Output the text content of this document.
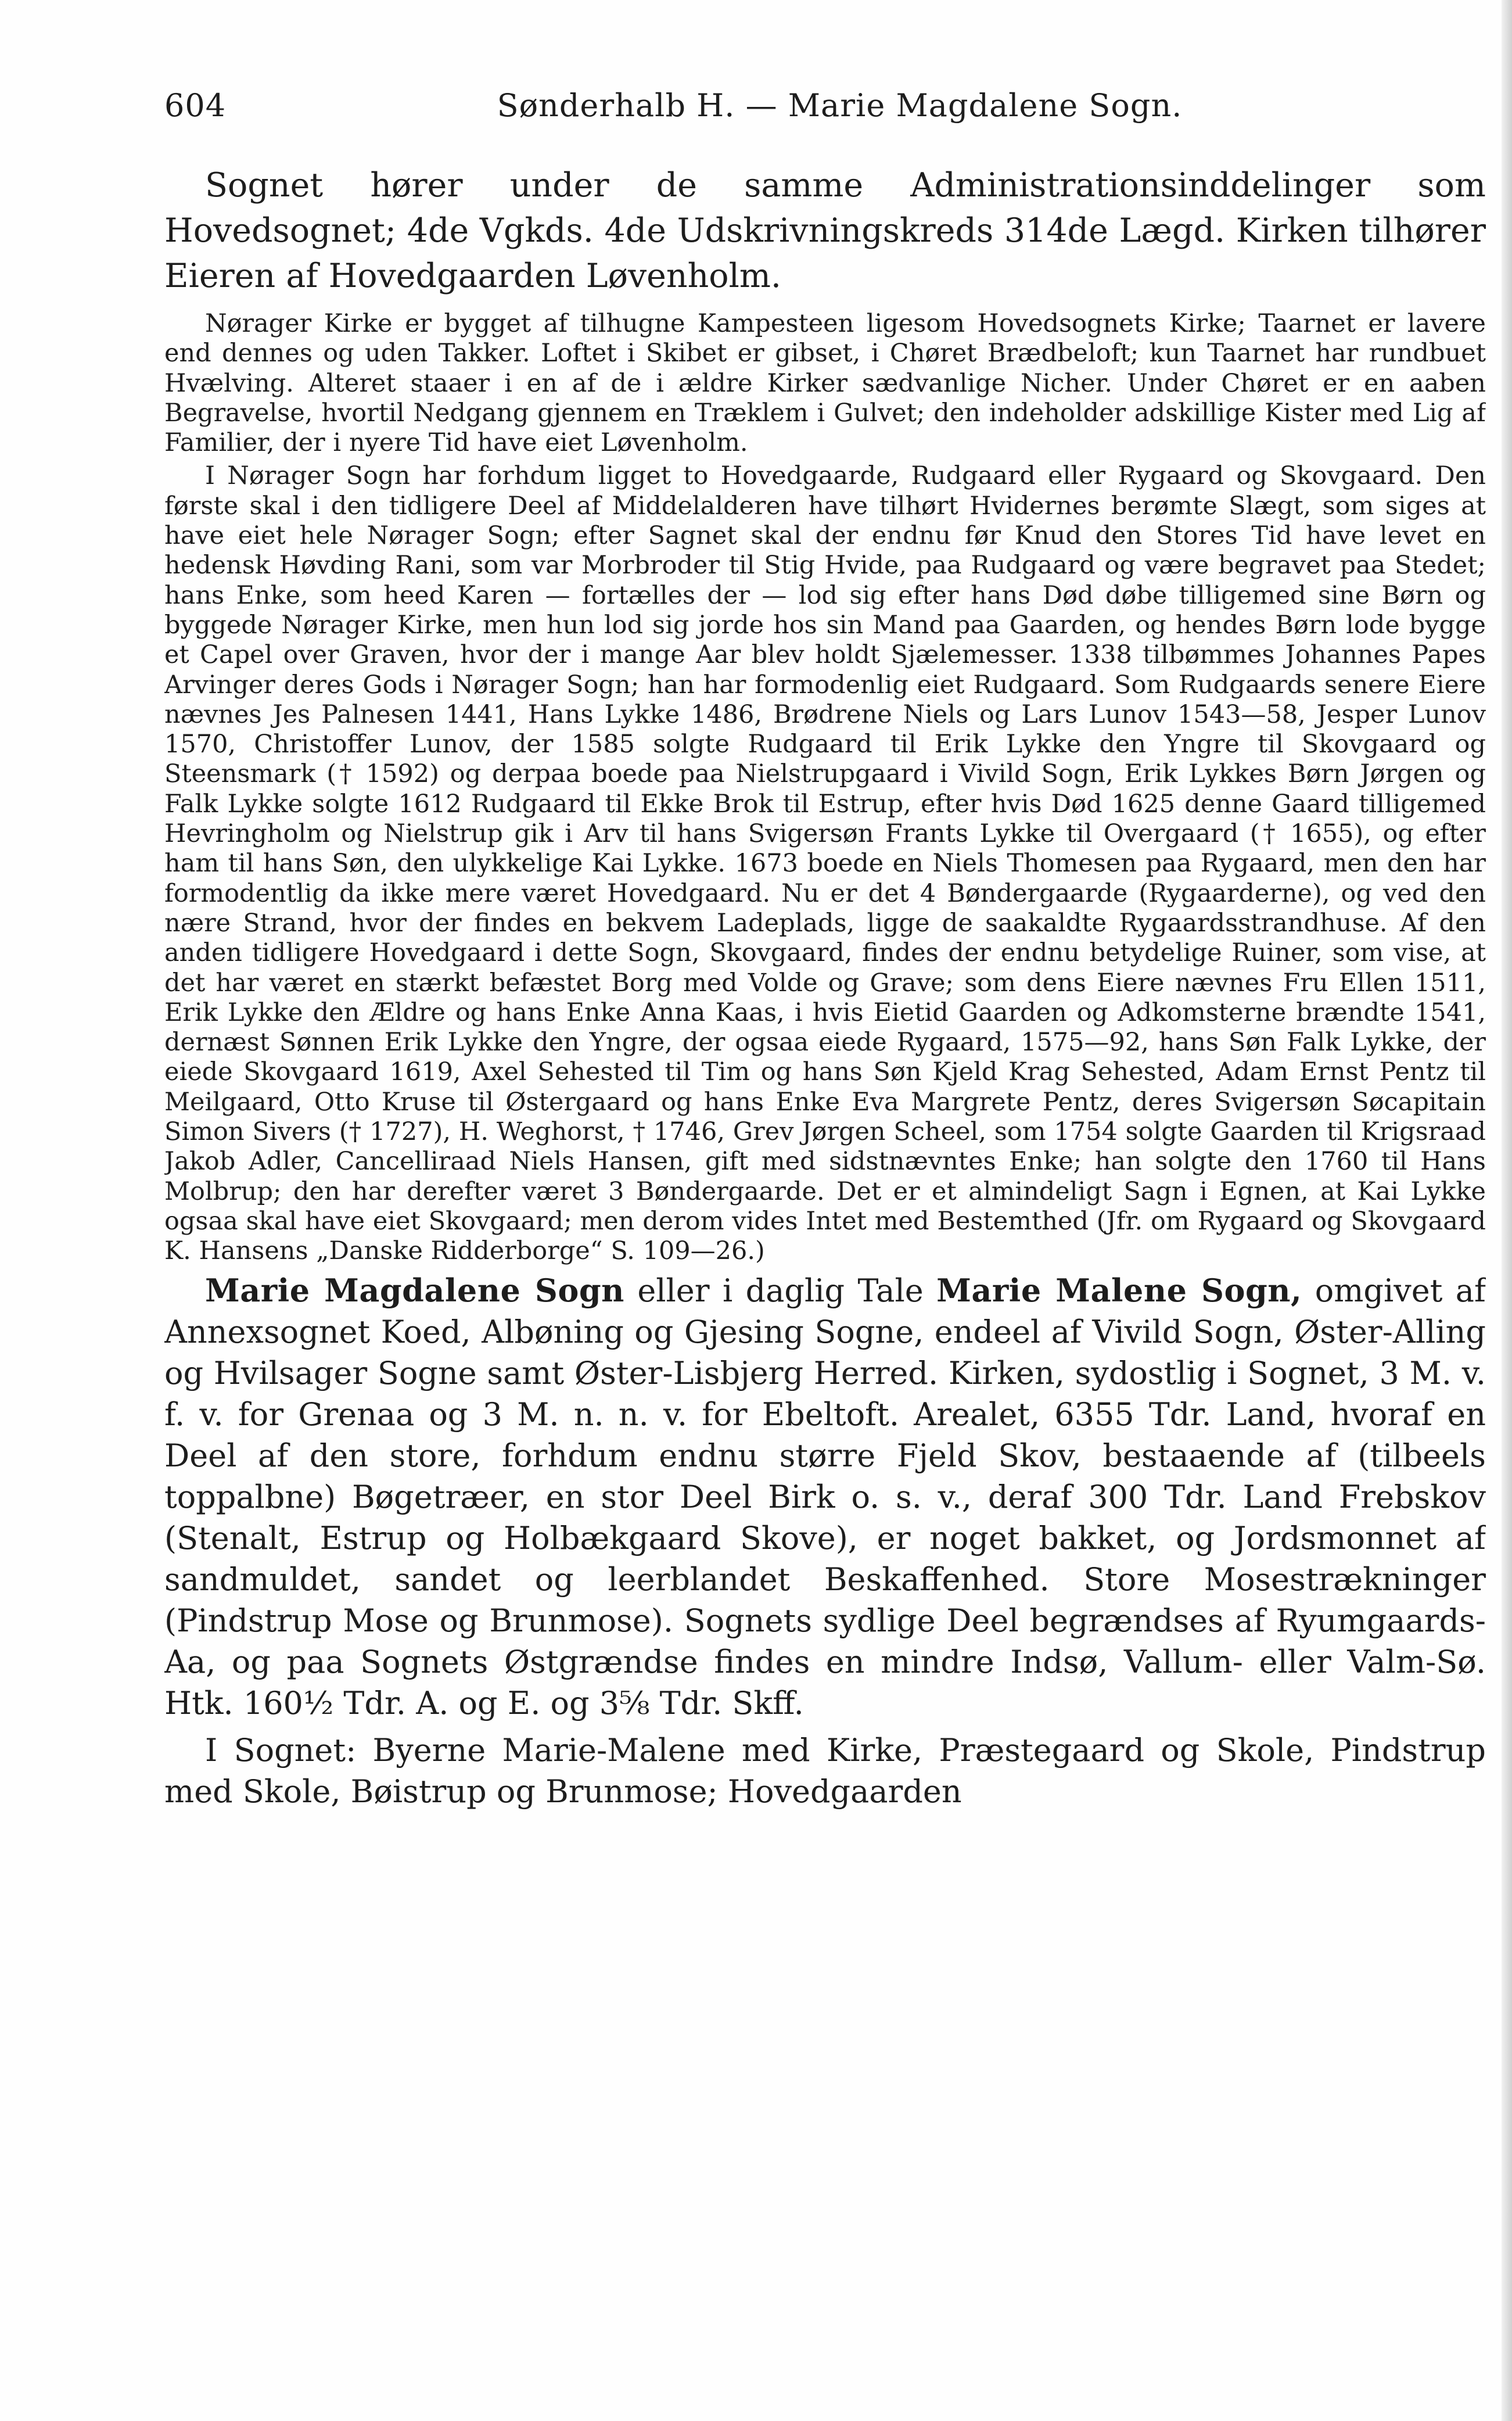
604	Sønderhalb H. — Marie Magdalene Sogn.

Sognet hører under de samme Administrationsinddelinger som Hovedsognet; 4de Vgkds. 4de Udskrivningskreds 314de Lægd. Kirken tilhører Eieren af Hovedgaarden Løvenholm.

Nørager Kirke er bygget af tilhugne Kampesteen ligesom Hovedsognets Kirke; Taarnet er lavere end dennes og uden Takker. Loftet i Skibet er gibset, i Chøret Brædbeloft; kun Taarnet har rundbuet Hvælving. Alteret staaer i en af de i ældre Kirker sædvanlige Nicher. Under Chøret er en aaben Begravelse, hvortil Nedgang gjennem en Træklem i Gulvet; den indeholder adskillige Kister med Lig af Familier, der i nyere Tid have eiet Løvenholm.

I Nørager Sogn har forhdum ligget to Hovedgaarde, Rudgaard eller Rygaard og Skovgaard. Den første skal i den tidligere Deel af Middelalderen have tilhørt Hvidernes berømte Slægt, som siges at have eiet hele Nørager Sogn; efter Sagnet skal der endnu før Knud den Stores Tid have levet en hedensk Høvding Rani, som var Morbroder til Stig Hvide, paa Rudgaard og være begravet paa Stedet; hans Enke, som heed Karen — fortælles der — lod sig efter hans Død døbe tilligemed sine Børn og byggede Nørager Kirke, men hun lod sig jorde hos sin Mand paa Gaarden, og hendes Børn lode bygge et Capel over Graven, hvor der i mange Aar blev holdt Sjælemesser. 1338 tilbømmes Johannes Papes Arvinger deres Gods i Nørager Sogn; han har formodenlig eiet Rudgaard. Som Rudgaards senere Eiere nævnes Jes Palnesen 1441, Hans Lykke 1486, Brødrene Niels og Lars Lunov 1543—58, Jesper Lunov 1570, Christoffer Lunov, der 1585 solgte Rudgaard til Erik Lykke den Yngre til Skovgaard og Steensmark († 1592) og derpaa boede paa Nielstrupgaard i Vivild Sogn, Erik Lykkes Børn Jørgen og Falk Lykke solgte 1612 Rudgaard til Ekke Brok til Estrup, efter hvis Død 1625 denne Gaard tilligemed Hevringholm og Nielstrup gik i Arv til hans Svigersøn Frants Lykke til Overgaard († 1655), og efter ham til hans Søn, den ulykkelige Kai Lykke. 1673 boede en Niels Thomesen paa Rygaard, men den har formodentlig da ikke mere været Hovedgaard. Nu er det 4 Bøndergaarde (Rygaarderne), og ved den nære Strand, hvor der findes en bekvem Ladeplads, ligge de saakaldte Rygaardsstrandhuse. Af den anden tidligere Hovedgaard i dette Sogn, Skovgaard, findes der endnu betydelige Ruiner, som vise, at det har været en stærkt befæstet Borg med Volde og Grave; som dens Eiere nævnes Fru Ellen 1511, Erik Lykke den Ældre og hans Enke Anna Kaas, i hvis Eietid Gaarden og Adkomsterne brændte 1541, dernæst Sønnen Erik Lykke den Yngre, der ogsaa eiede Rygaard, 1575—92, hans Søn Falk Lykke, der eiede Skovgaard 1619, Axel Sehested til Tim og hans Søn Kjeld Krag Sehested, Adam Ernst Pentz til Meilgaard, Otto Kruse til Østergaard og hans Enke Eva Margrete Pentz, deres Svigersøn Søcapitain Simon Sivers († 1727), H. Weghorst, † 1746, Grev Jørgen Scheel, som 1754 solgte Gaarden til Krigsraad Jakob Adler, Cancelliraad Niels Hansen, gift med sidstnævntes Enke; han solgte den 1760 til Hans Molbrup; den har derefter været 3 Bøndergaarde. Det er et almindeligt Sagn i Egnen, at Kai Lykke ogsaa skal have eiet Skovgaard; men derom vides Intet med Bestemthed (Jfr. om Rygaard og Skovgaard K. Hansens „Danske Ridderborge“ S. 109—26.)

Marie Magdalene Sogn eller i daglig Tale Marie Malene Sogn, omgivet af Annexsognet Koed, Albøning og Gjesing Sogne, endeel af Vivild Sogn, Øster-Alling og Hvilsager Sogne samt Øster-Lisbjerg Herred. Kirken, sydostlig i Sognet, 3 M. v. f. v. for Grenaa og 3 M. n. n. v. for Ebeltoft. Arealet, 6355 Tdr. Land, hvoraf en Deel af den store, forhdum endnu større Fjeld Skov, bestaaende af (tilbeels toppalbne) Bøgetræer, en stor Deel Birk o. s. v., deraf 300 Tdr. Land Frebskov (Stenalt, Estrup og Holbækgaard Skove), er noget bakket, og Jordsmonnet af sandmuldet, sandet og leerblandet Beskaffenhed. Store Mosestrækninger (Pindstrup Mose og Brunmose). Sognets sydlige Deel begrændses af Ryumgaards-Aa, og paa Sognets Østgrændse findes en mindre Indsø, Vallum- eller Valm-Sø. Htk. 160½ Tdr. A. og E. og 3⅝ Tdr. Skff.

I Sognet: Byerne Marie-Malene med Kirke, Præstegaard og Skole, Pindstrup med Skole, Bøistrup og Brunmose; Hovedgaarden
